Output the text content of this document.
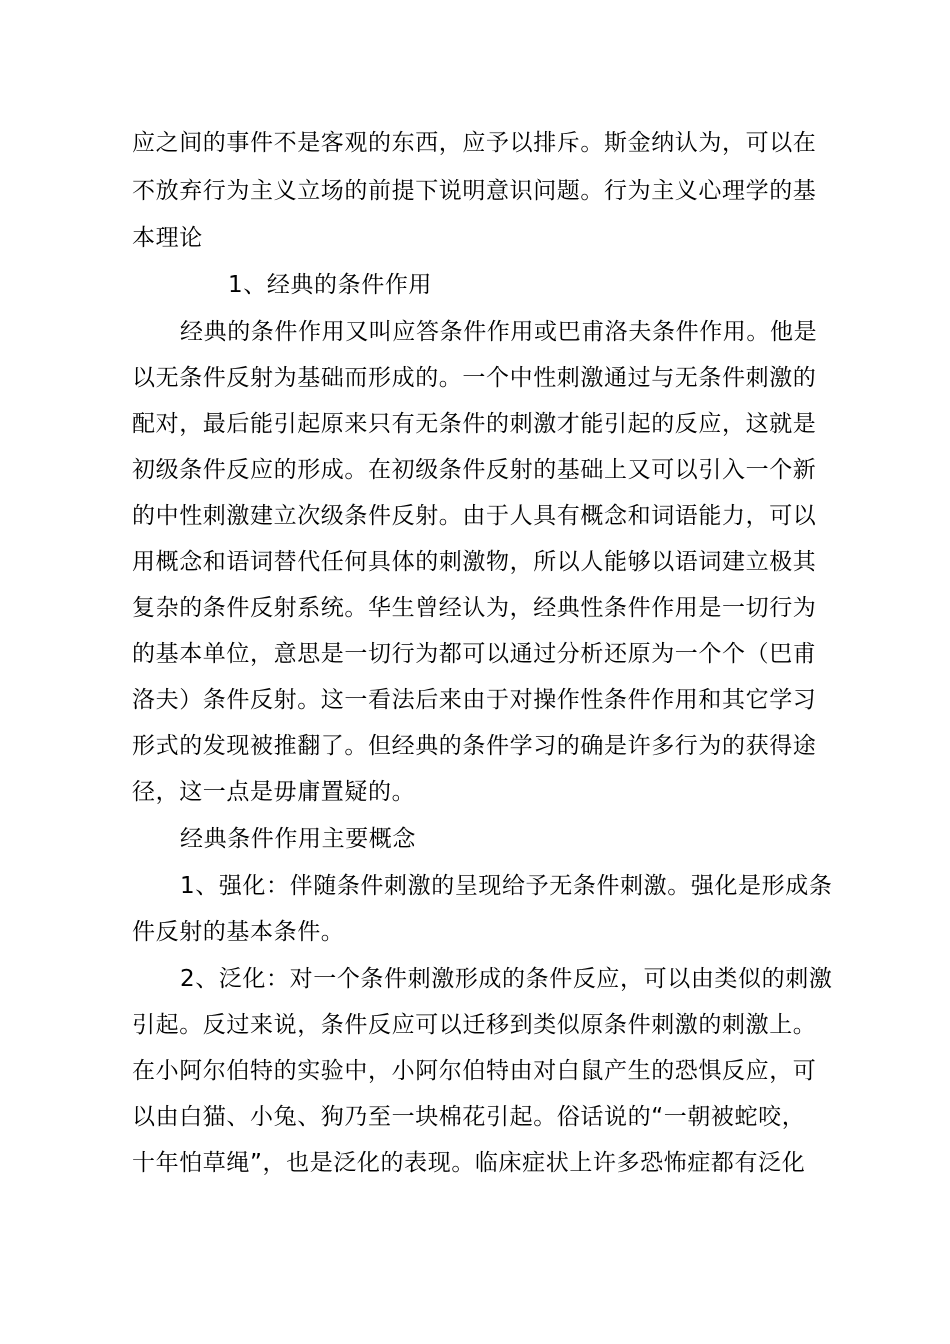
应之间的事件不是客观的东西，应予以排斥。斯金纳认为，可以在
不放弃行为主义立场的前提下说明意识问题。行为主义心理学的基
本理论
1、经典的条件作用
经典的条件作用又叫应答条件作用或巴甫洛夫条件作用。他是
以无条件反射为基础而形成的。一个中性刺激通过与无条件刺激的
配对，最后能引起原来只有无条件的刺激才能引起的反应，这就是
初级条件反应的形成。在初级条件反射的基础上又可以引入一个新
的中性刺激建立次级条件反射。由于人具有概念和词语能力，可以
用概念和语词替代任何具体的刺激物，所以人能够以语词建立极其
复杂的条件反射系统。华生曾经认为，经典性条件作用是一切行为
的基本单位，意思是一切行为都可以通过分析还原为一个个（巴甫
洛夫）条件反射。这一看法后来由于对操作性条件作用和其它学习
形式的发现被推翻了。但经典的条件学习的确是许多行为的获得途
径，这一点是毋庸置疑的。
经典条件作用主要概念
1、强化：伴随条件刺激的呈现给予无条件刺激。强化是形成条
件反射的基本条件。
2、泛化：对一个条件刺激形成的条件反应，可以由类似的刺激
引起。反过来说，条件反应可以迁移到类似原条件刺激的刺激上。
在小阿尔伯特的实验中，小阿尔伯特由对白鼠产生的恐惧反应，可
以由白猫、小兔、狗乃至一块棉花引起。俗话说的“一朝被蛇咬，
十年怕草绳”，也是泛化的表现。临床症状上许多恐怖症都有泛化
